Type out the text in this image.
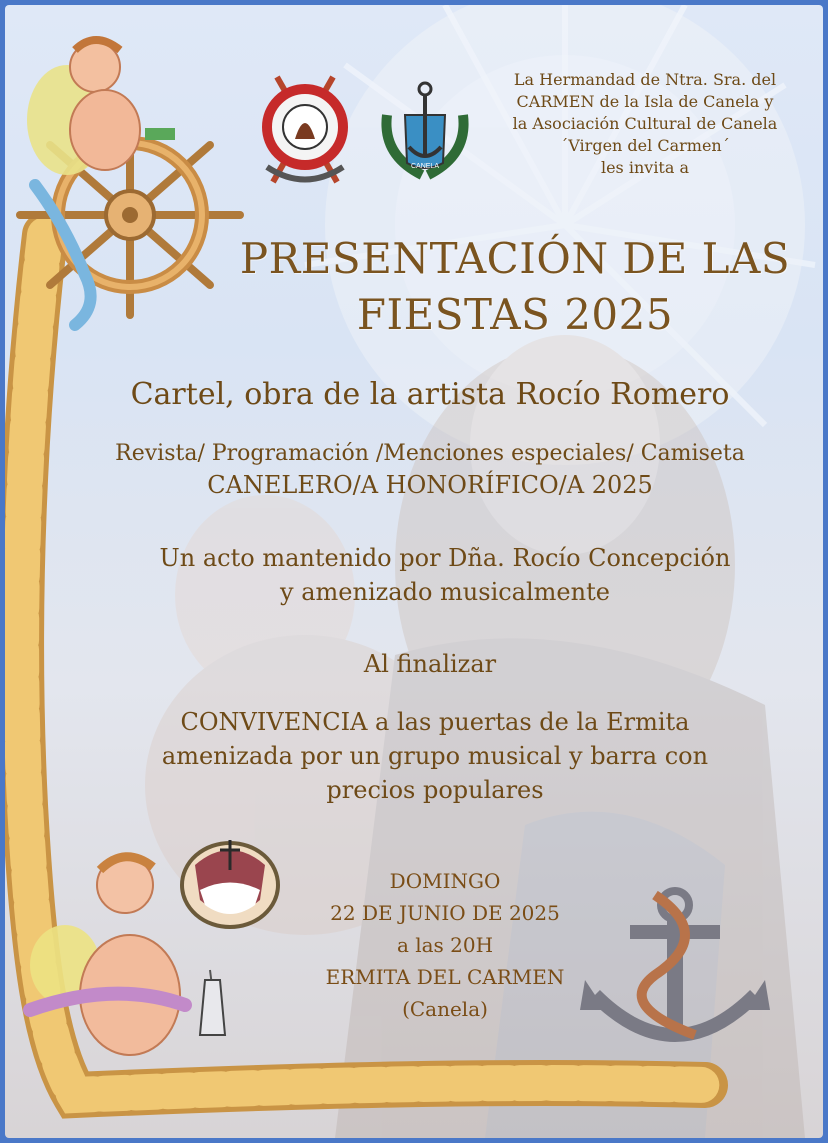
CANELA
La Hermandad de Ntra. Sra. del
CARMEN de la Isla de Canela y
la Asociación Cultural de Canela
´Virgen del Carmen´
les invita a
PRESENTACIÓN DE LAS
FIESTAS 2025

Cartel, obra de la artista Rocío Romero

Revista/ Programación /Menciones especiales/ Camiseta
CANELERO/A HONORÍFICO/A 2025
Un acto mantenido por Dña. Rocío Concepción
y amenizado musicalmente

Al finalizar

CONVIVENCIA a las puertas de la Ermita
amenizada por un grupo musical y barra con
precios populares
DOMINGO
22 DE JUNIO DE 2025
a las 20H
ERMITA DEL CARMEN
(Canela)
